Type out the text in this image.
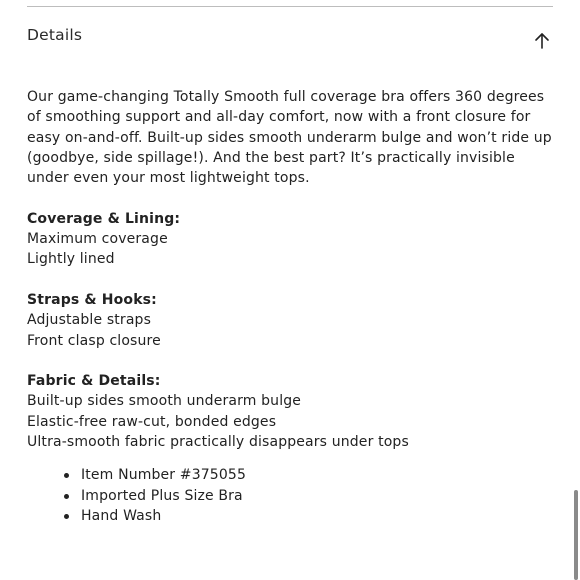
Details

Our game-changing Totally Smooth full coverage bra offers 360 degrees of smoothing support and all-day comfort, now with a front closure for easy on-and-off. Built-up sides smooth underarm bulge and won’t ride up (goodbye, side spillage!). And the best part? It’s practically invisible under even your most lightweight tops.

Coverage & Lining:
Maximum coverage
Lightly lined
Straps & Hooks:
Adjustable straps
Front clasp closure
Fabric & Details:
Built-up sides smooth underarm bulge
Elastic-free raw-cut, bonded edges
Ultra-smooth fabric practically disappears under tops
Item Number #375055
Imported Plus Size Bra
Hand Wash
